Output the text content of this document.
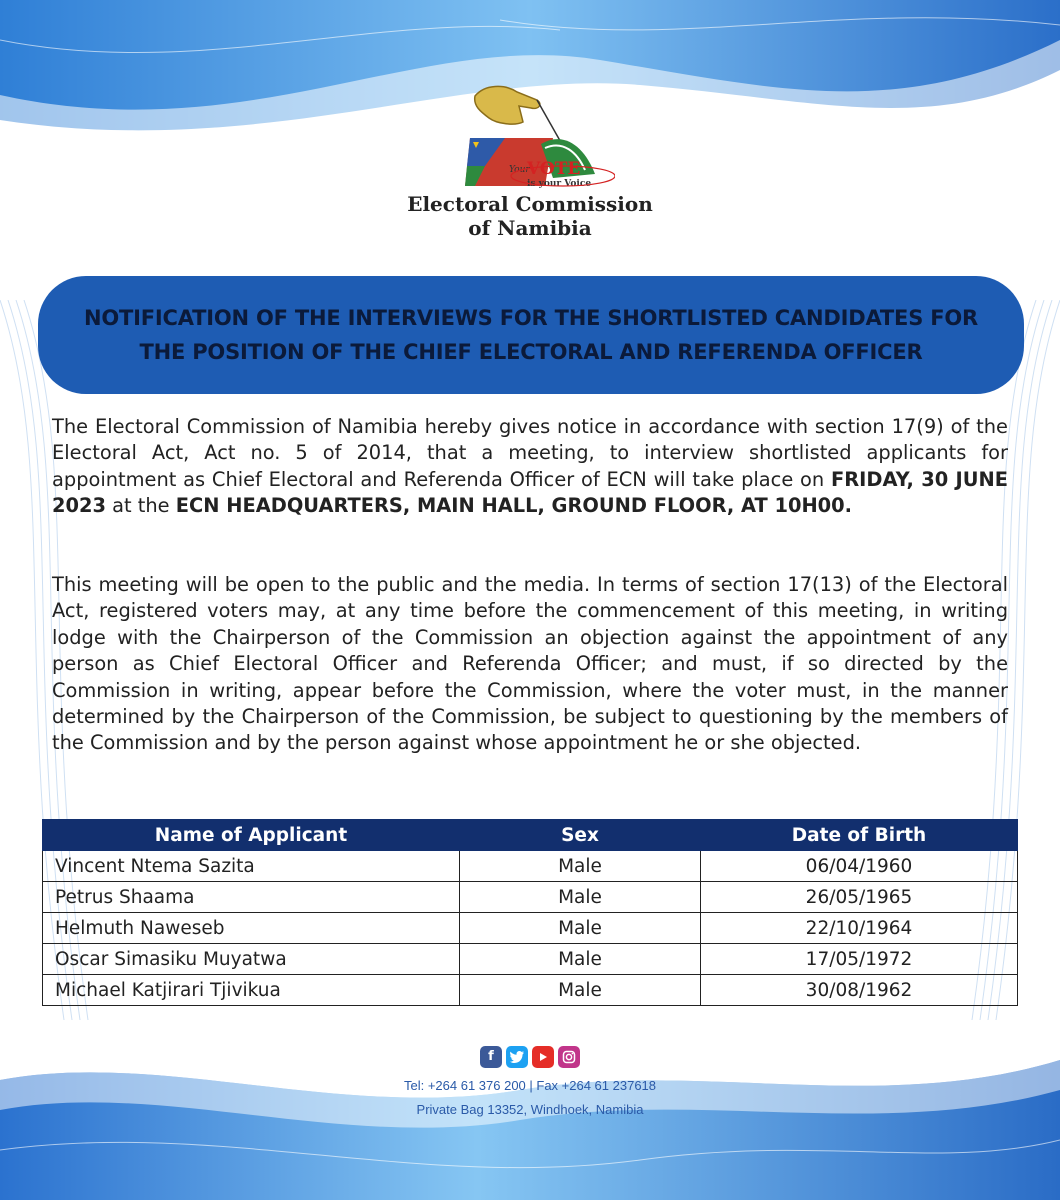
Your
VOTE
is your Voice
Electoral Commission
of Namibia
NOTIFICATION OF THE INTERVIEWS FOR THE SHORTLISTED CANDIDATES FOR
THE POSITION OF THE CHIEF ELECTORAL AND REFERENDA OFFICER

The Electoral Commission of Namibia hereby gives notice in accordance with section 17(9) of the Electoral Act, Act no. 5 of 2014, that a meeting, to interview shortlisted applicants for appointment as Chief Electoral and Referenda Officer of ECN will take place on FRIDAY, 30 JUNE 2023 at the ECN HEADQUARTERS, MAIN HALL, GROUND FLOOR, AT 10H00.

This meeting will be open to the public and the media. In terms of section 17(13) of the Electoral Act, registered voters may, at any time before the commencement of this meeting, in writing lodge with the Chairperson of the Commission an objection against the appointment of any person as Chief Electoral Officer and Referenda Officer; and must, if so directed by the Commission in writing, appear before the Commission, where the voter must, in the manner determined by the Chairperson of the Commission, be subject to questioning by the members of the Commission and by the person against whose appointment he or she objected.

Name of Applicant	Sex	Date of Birth
Vincent Ntema Sazita	Male	06/04/1960
Petrus Shaama	Male	26/05/1965
Helmuth Naweseb	Male	22/10/1964
Oscar Simasiku Muyatwa	Male	17/05/1972
Michael Katjirari Tjivikua	Male	30/08/1962
f
Tel: +264 61 376 200 | Fax +264 61 237618
Private Bag 13352, Windhoek, Namibia
